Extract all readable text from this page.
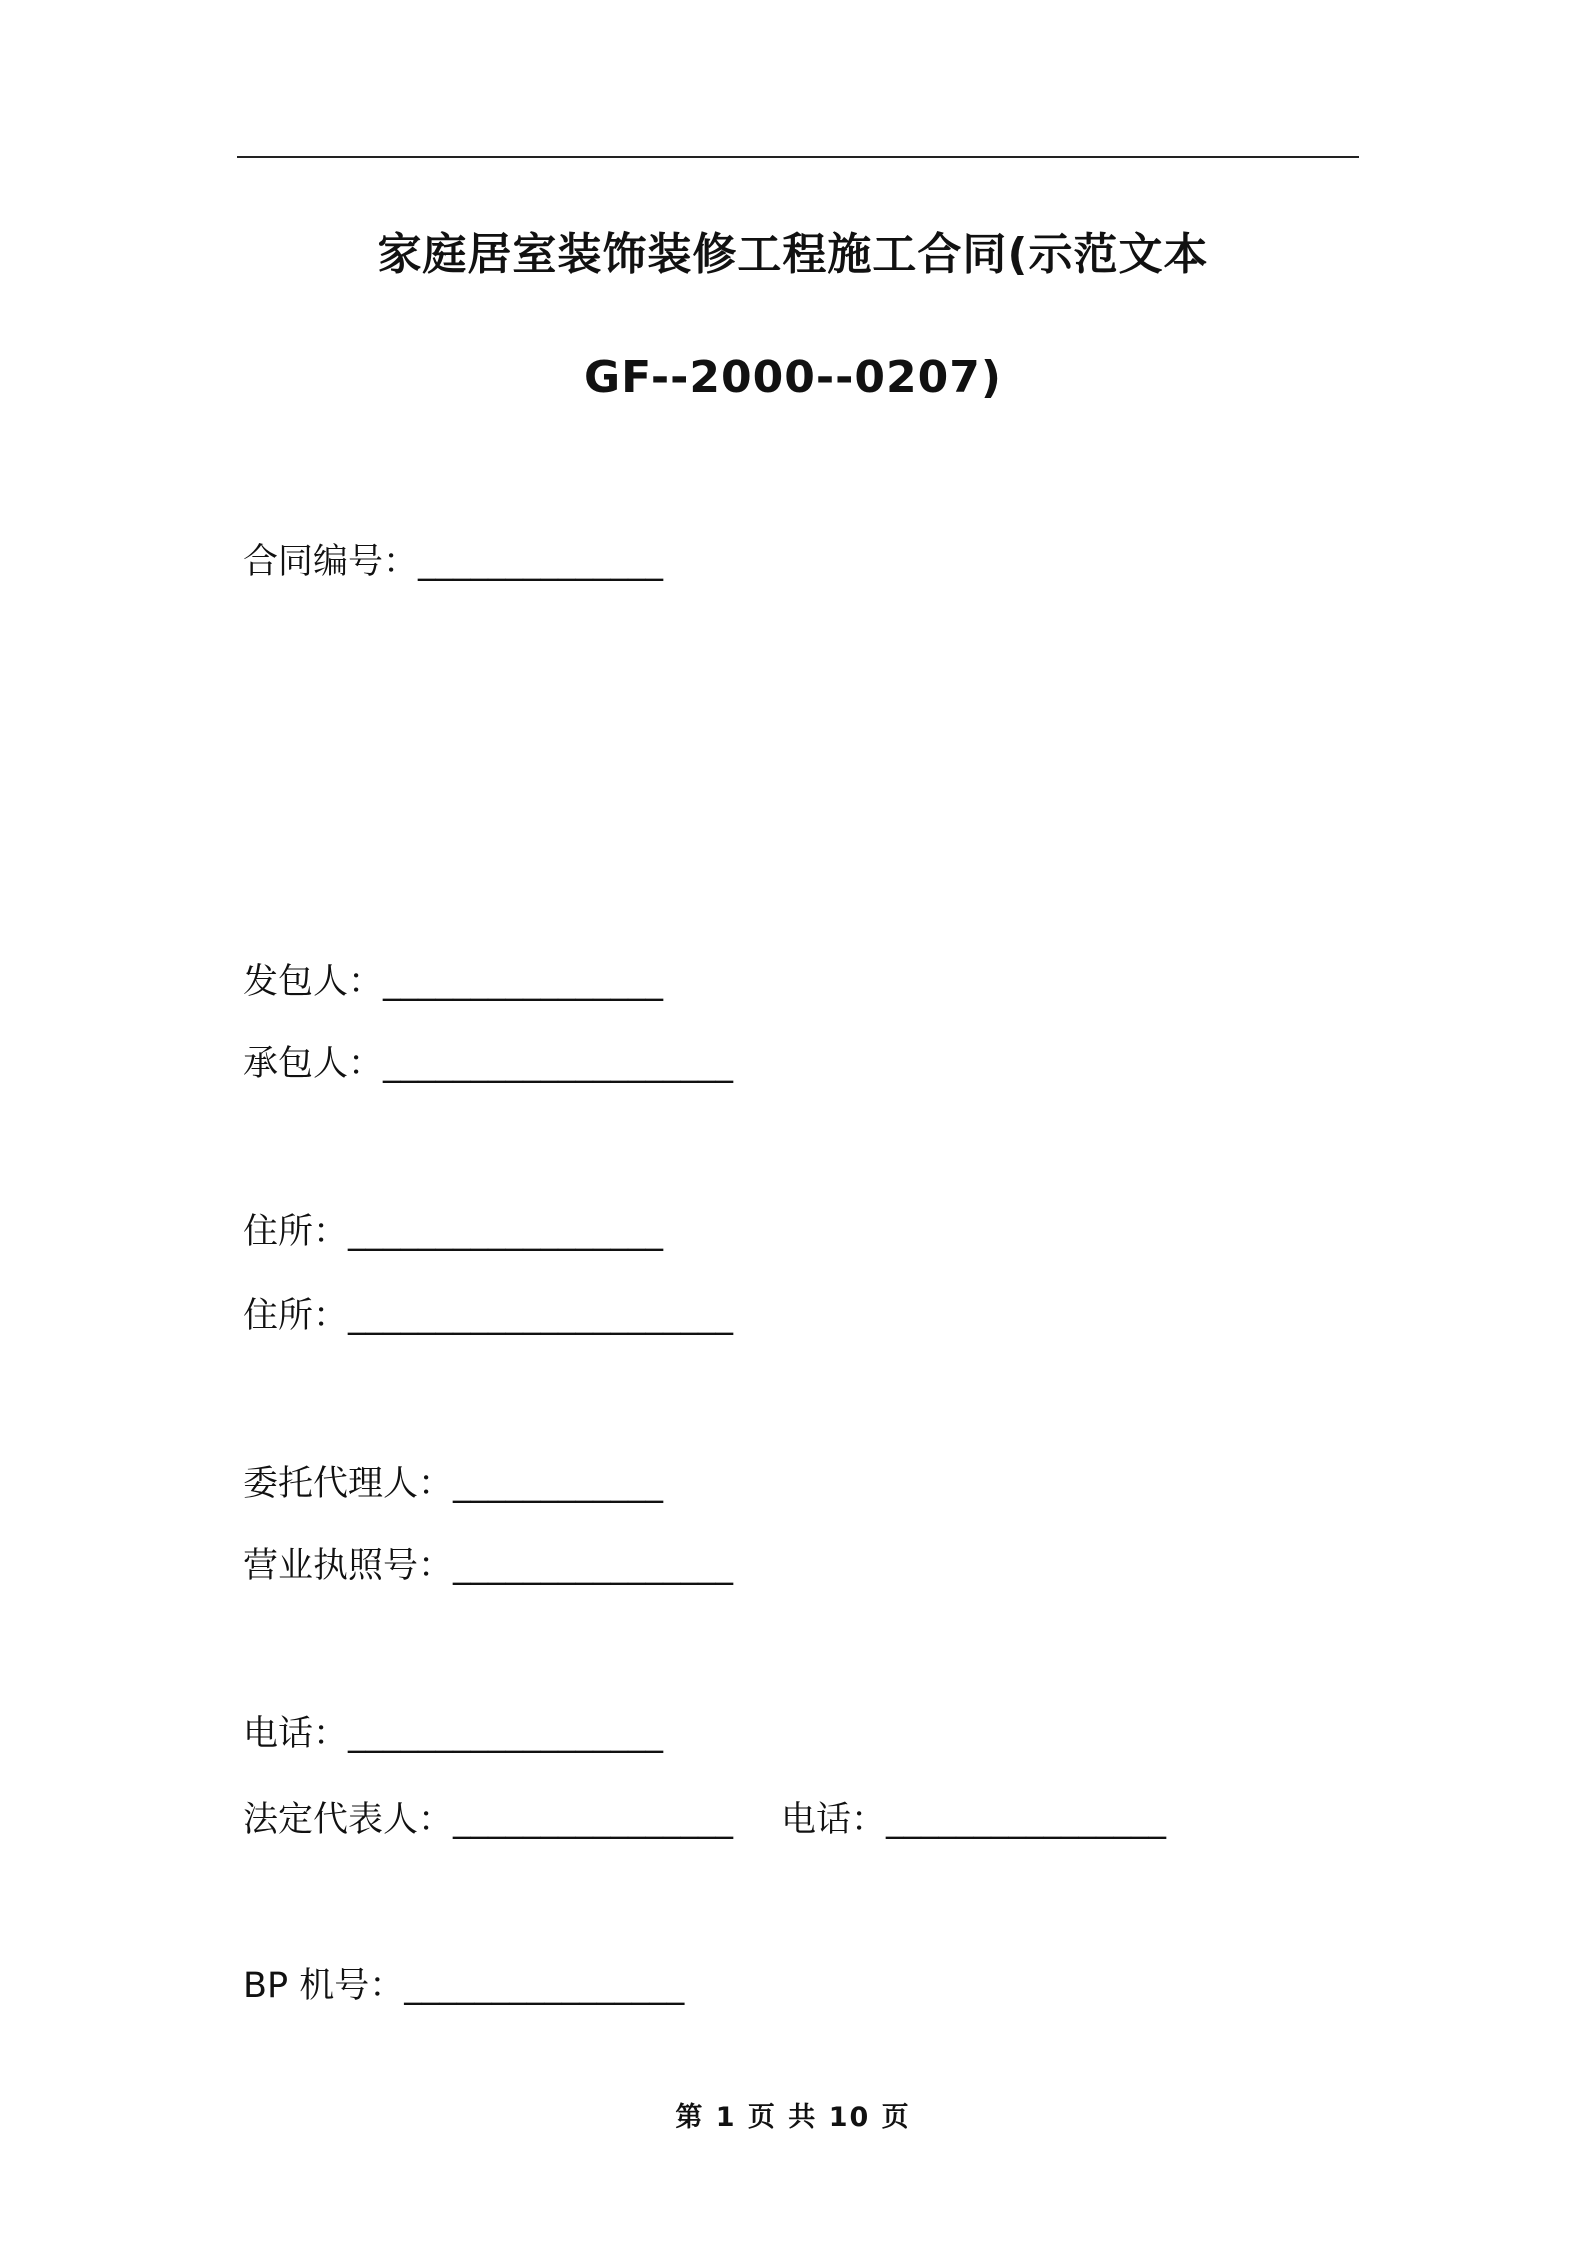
家庭居室装饰装修工程施工合同(示范文本
GF--2000--0207)
合同编号：______________
发包人：________________
承包人：____________________
住所：__________________
住所：______________________
委托代理人：____________
营业执照号：________________
电话：__________________
法定代表人：________________ 电话：________________
BP 机号：________________
第 1 页 共 10 页
